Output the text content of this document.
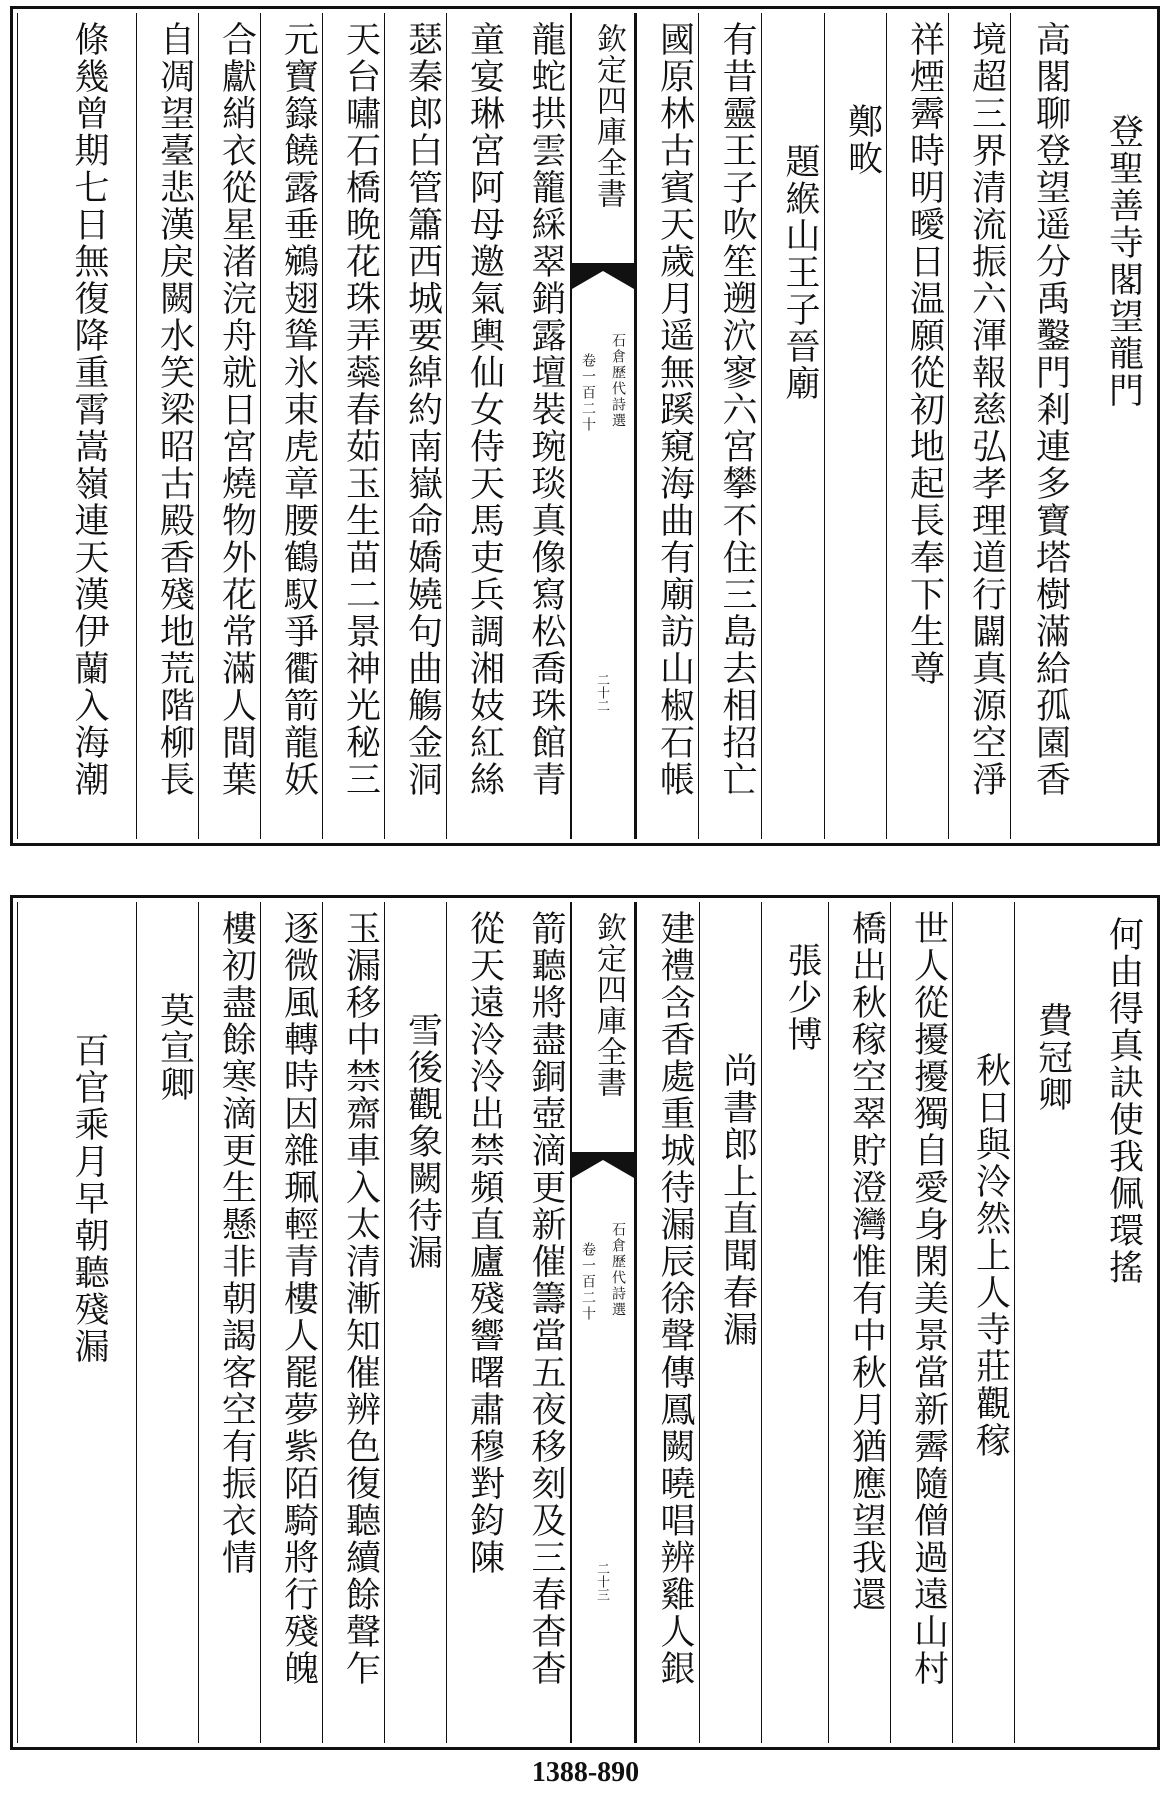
登聖善寺閣望龍門
高閣聊登望遥分禹鑿門剎連多寶塔樹滿給孤園香
境超三界清流振六渾報慈弘孝理道行闢真源空淨
祥煙霽時明曖日温願從初地起長奉下生尊
鄭畋
題緱山王子晉廟
有昔靈王子吹笙遡泬寥六宮攀不住三島去相招亡
國原林古賓天歲月遥無蹊窺海曲有廟訪山椒石帳
欽定四庫全書
石倉歷代詩選
卷一百二十
二十二
龍蛇拱雲籠綵翠銷露壇裝琬琰真像寫松喬珠館青
童宴琳宮阿母邀氣輿仙女侍天馬吏兵調湘妓紅絲
瑟秦郎白管簫西城要綽約南嶽命嬌嬈句曲觴金洞
天台嘯石橋晚花珠弄蘂春茹玉生苗二景神光秘三
元寶籙饒露垂鵷翅聳氷束虎章腰鶴馭爭衢箭龍妖
合獻綃衣從星渚浣舟就日宮燒物外花常滿人間葉
自凋望臺悲漢戾闕水笑梁昭古殿香殘地荒階柳長
條幾曾期七日無復降重霄嵩嶺連天漢伊蘭入海潮
何由得真訣使我佩環搖
費冠卿
秋日與泠然上人寺莊觀稼
世人從擾擾獨自愛身閑美景當新霽隨僧過遠山村
橋出秋稼空翠貯澄灣惟有中秋月猶應望我還
張少博
尚書郎上直聞春漏
建禮含香處重城待漏辰徐聲傳鳳闕曉唱辨雞人銀
欽定四庫全書
石倉歷代詩選
卷一百二十
二十三
箭聽將盡銅壺滴更新催籌當五夜移刻及三春杳杳
從天遠泠泠出禁頻直廬殘響曙肅穆對鈞陳
雪後觀象闕待漏
玉漏移中禁齋車入太清漸知催辨色復聽續餘聲乍
逐微風轉時因雜珮輕青樓人罷夢紫陌騎將行殘魄
樓初盡餘寒滴更生懸非朝謁客空有振衣情
莫宣卿
百官乘月早朝聽殘漏
1388-890
